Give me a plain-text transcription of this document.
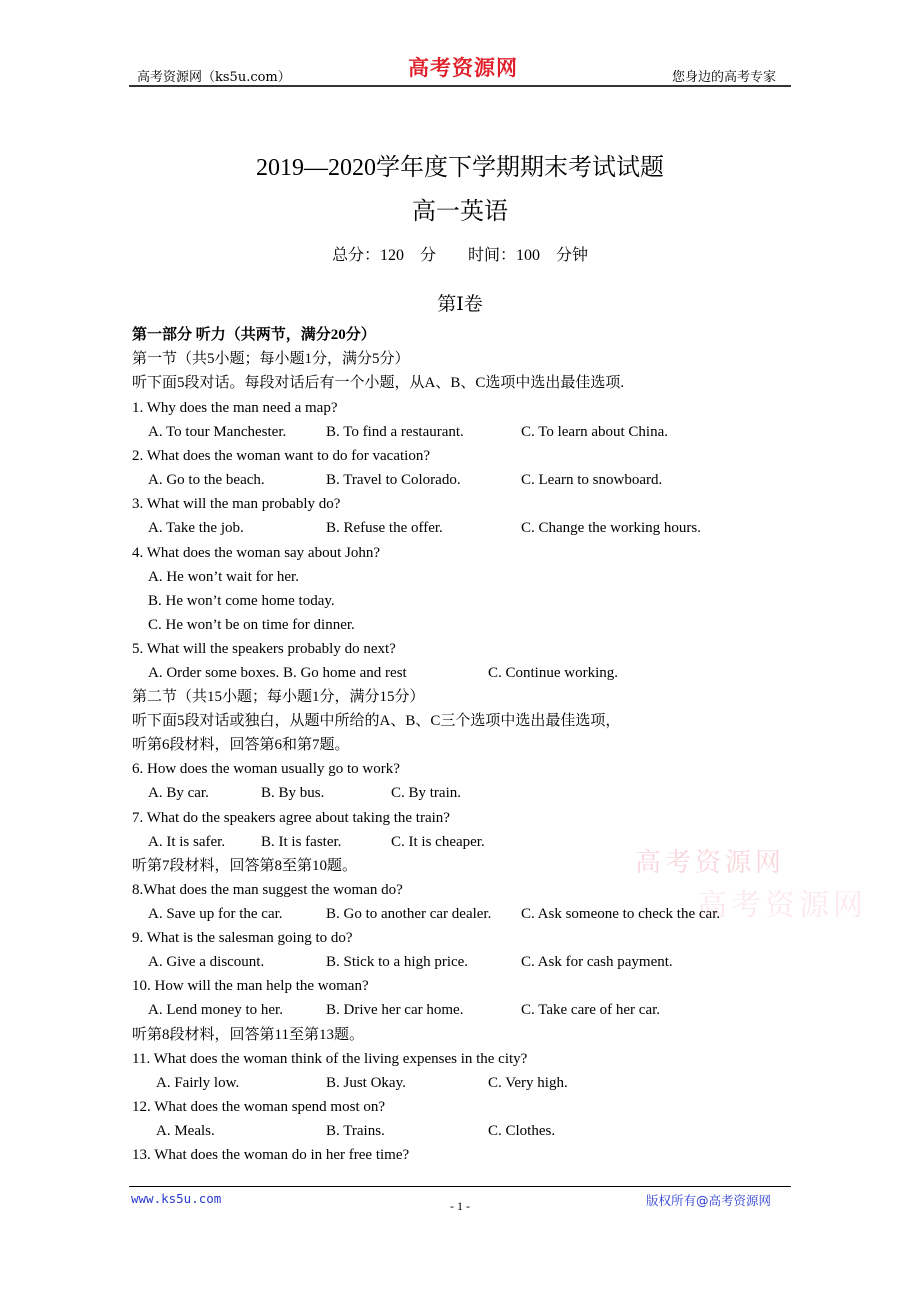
高考资源网（ks5u.com）	高考资源网	您身边的高考专家
2019—2020学年度下学期期末考试试题
高一英语
总分：120　分　　时间：100　分钟
第Ⅰ卷
高考资源网
高考资源网
第一部分 听力（共两节，满分20分）
第一节（共5小题；每小题1分，满分5分）
听下面5段对话。每段对话后有一个小题，从A、B、C选项中选出最佳选项.
1. Why does the man need a map?
A. To tour Manchester.	B. To find a restaurant.	C. To learn about China.
2. What does the woman want to do for vacation?
A. Go to the beach.	B. Travel to Colorado.	C. Learn to snowboard.
3. What will the man probably do?
A. Take the job.	B. Refuse the offer.	C. Change the working hours.
4. What does the woman say about John?
A. He won’t wait for her.
B. He won’t come home today.
C. He won’t be on time for dinner.
5. What will the speakers probably do next?
A. Order some boxes. B. Go home and rest	C. Continue working.
第二节（共15小题；每小题1分，满分15分）
听下面5段对话或独白，从题中所给的A、B、C三个选项中选出最佳选项，
听第6段材料，回答第6和第7题。
6. How does the woman usually go to work?
A. By car.	B. By bus.	C. By train.
7. What do the speakers agree about taking the train?
A. It is safer. B. It is faster.	C. It is cheaper.
听第7段材料，回答第8至第10题。
8.What does the man suggest the woman do?
A. Save up for the car.	B. Go to another car dealer. C. Ask someone to check the car.
9. What is the salesman going to do?
A. Give a discount.	B. Stick to a high price.	C. Ask for cash payment.
10. How will the man help the woman?
A. Lend money to her.	B. Drive her car home.	C. Take care of her car.
听第8段材料，回答第11至第13题。
11. What does the woman think of the living expenses in the city?
A. Fairly low.	B. Just Okay.	C. Very high.
12. What does the woman spend most on?
A. Meals.	B. Trains.	C. Clothes.
13. What does the woman do in her free time?
www.ks5u.com	- 1 -	版权所有@高考资源网
